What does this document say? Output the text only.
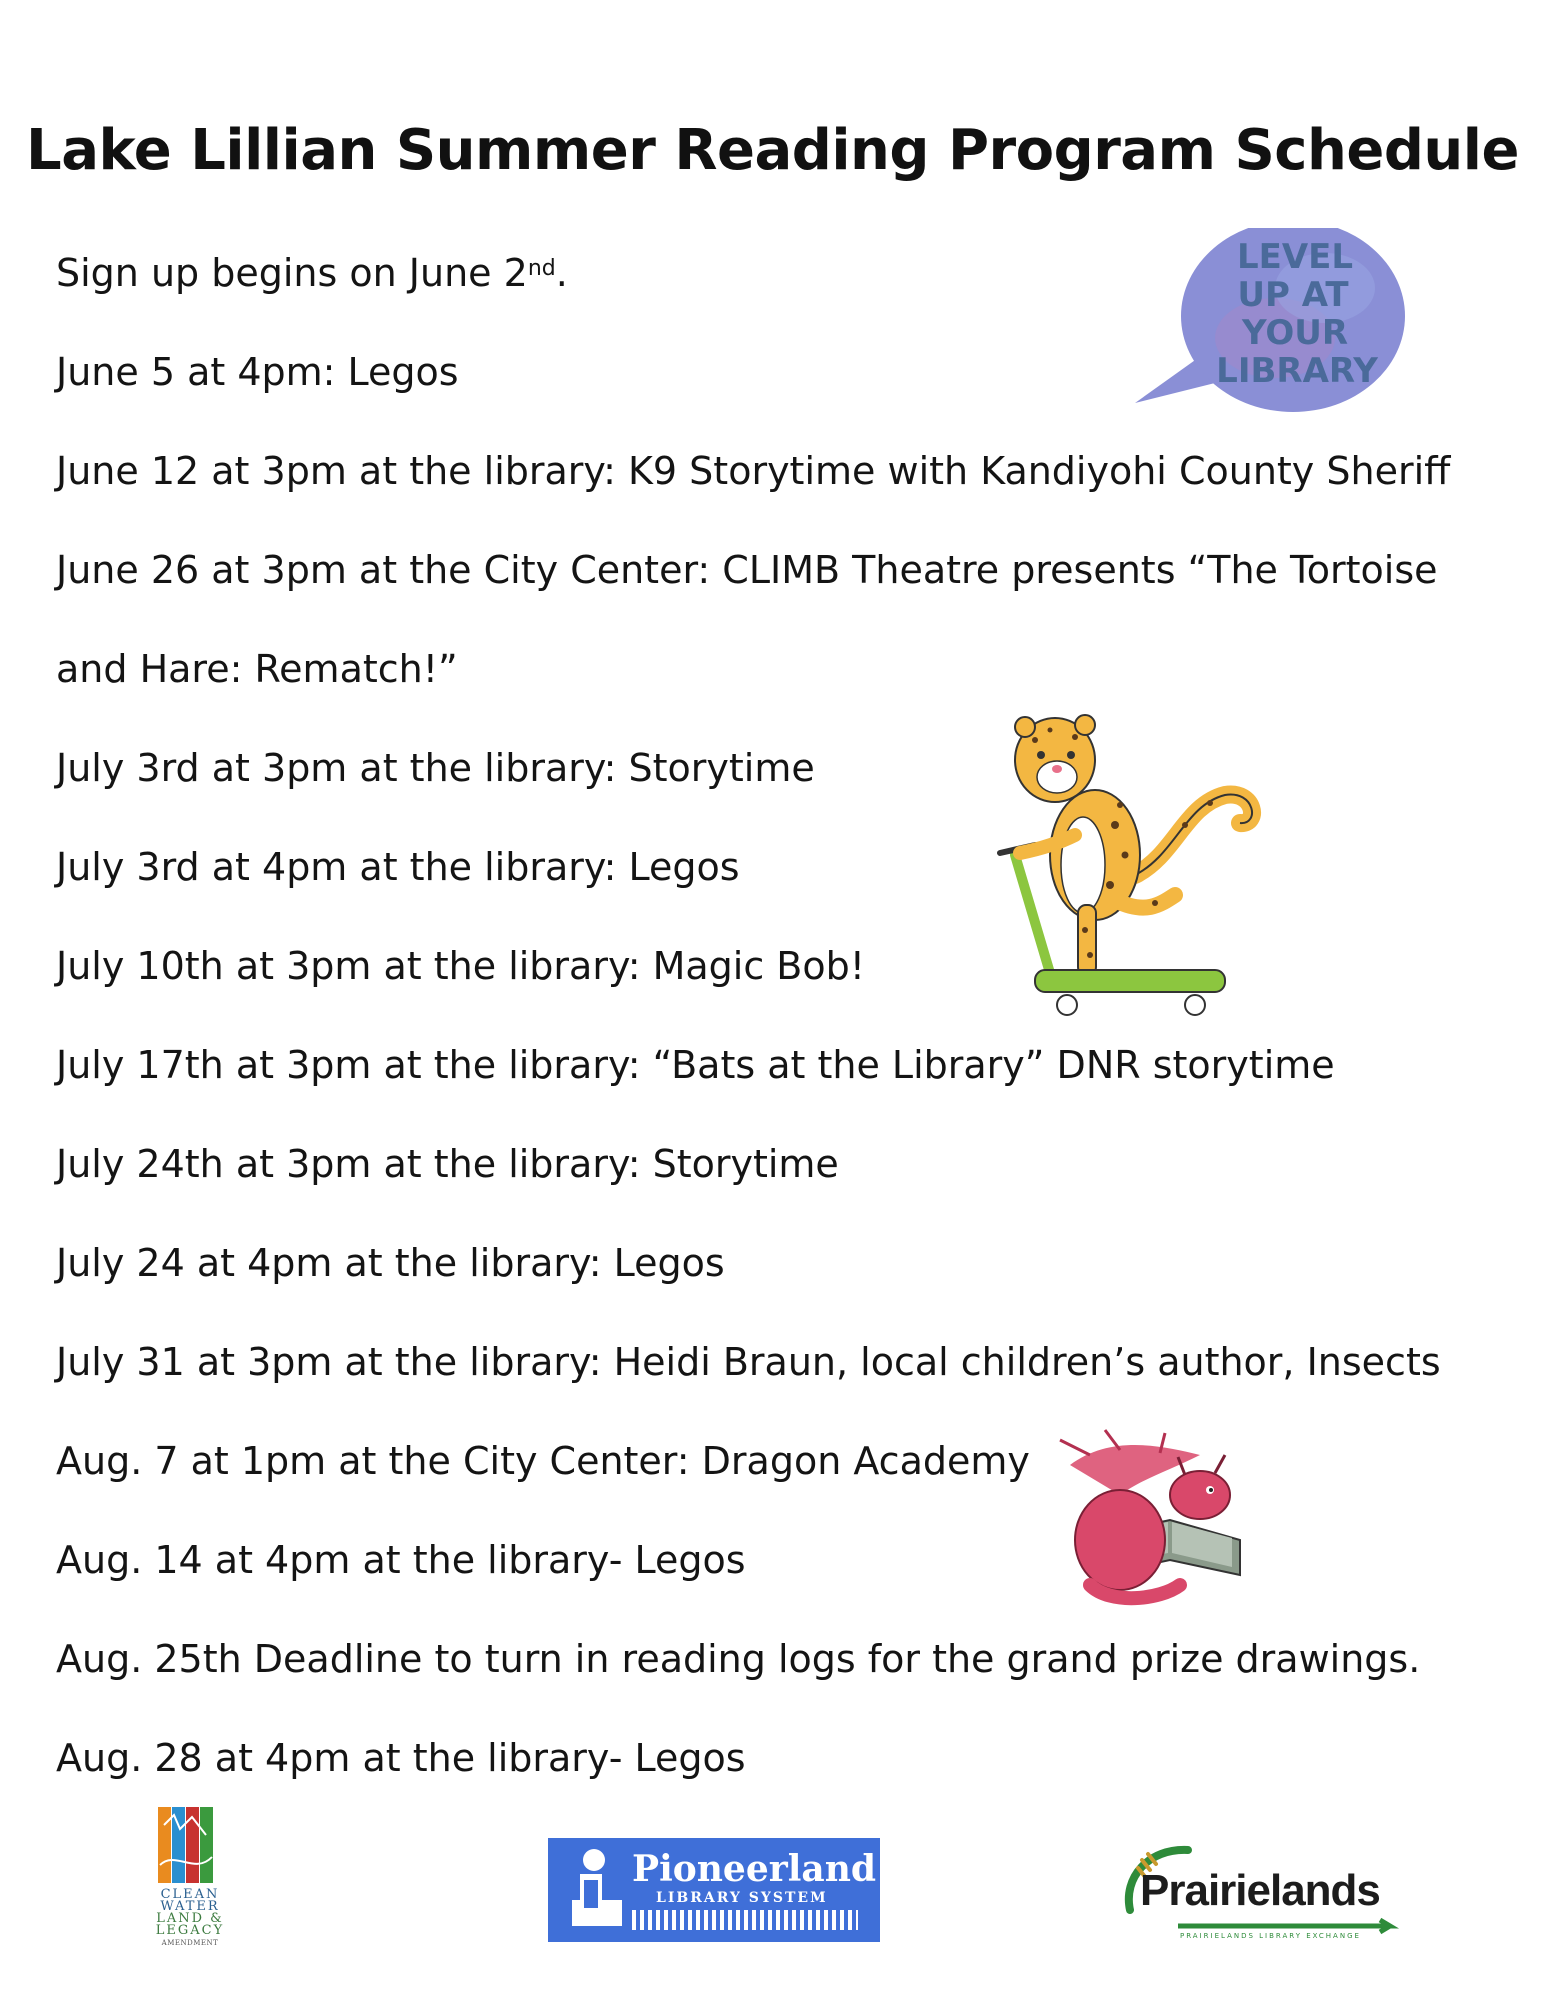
Lake Lillian Summer Reading Program Schedule
Sign up begins on June 2nd.
June 5 at 4pm: Legos
June 12 at 3pm at the library: K9 Storytime with Kandiyohi County Sheriff
June 26 at 3pm at the City Center: CLIMB Theatre presents “The Tortoise
and Hare: Rematch!”
July 3rd at 3pm at the library: Storytime
July 3rd at 4pm at the library: Legos
July 10th at 3pm at the library: Magic Bob!
July 17th at 3pm at the library: “Bats at the Library” DNR storytime
July 24th at 3pm at the library: Storytime
July 24 at 4pm at the library: Legos
July 31 at 3pm at the library: Heidi Braun, local children’s author, Insects
Aug. 7 at 1pm at the City Center: Dragon Academy
Aug. 14 at 4pm at the library- Legos
Aug. 25th Deadline to turn in reading logs for the grand prize drawings.
Aug. 28 at 4pm at the library- Legos
LEVEL
UP AT
YOUR
LIBRARY
CLEAN
WATER
LAND &
LEGACY
AMENDMENT
Pioneerland
LIBRARY SYSTEM	Prairielands
PRAIRIELANDS LIBRARY EXCHANGE
